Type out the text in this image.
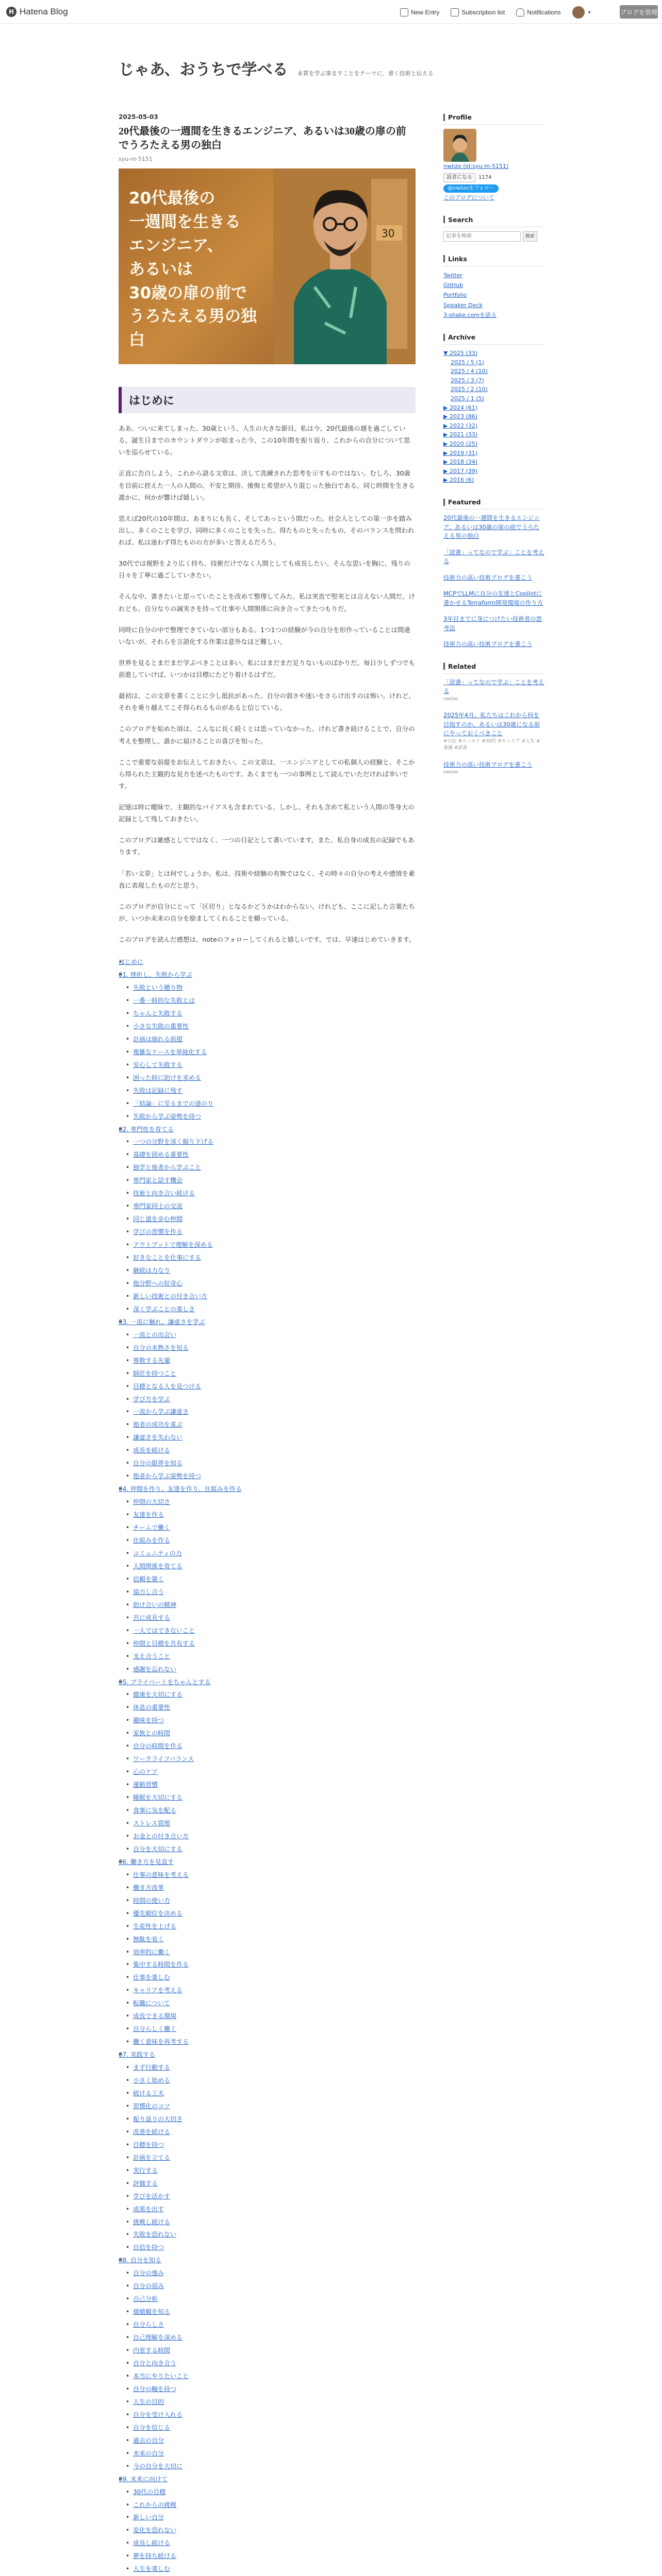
H Hatena Blog	New Entry	Subscription list	Notifications	▼	ブログを管理
じゃあ、おうちで学べる 本質を学ぶ事ますことをテーマに、書く技術と伝える
2025-05-03
20代最後の一週間を生きるエンジニア、あるいは30歳の扉の前でうろたえる男の独白
syu-m-5151
20代最後の
一週間を生きる
エンジニア、
あるいは
30歳の扉の前で
うろたえる男の独白
30
はじめに

ああ、ついに来てしまった。30歳という、人生の大きな節目。私は今、20代最後の週を過ごしている。誕生日までのカウントダウンが始まった今、この10年間を振り返り、これからの自分について思いを巡らせている。

正直に告白しよう。これから語る文章は、決して洗練された思考を示すものではない。むしろ、30歳を目前に控えた一人の人間の、不安と期待、後悔と希望が入り混じった独白である。同じ時間を生きる誰かに、何かが響けば嬉しい。

思えば20代の10年間は、あまりにも長く、そしてあっという間だった。社会人としての第一歩を踏み出し、多くのことを学び、同時に多くのことを失った。得たものと失ったもの、そのバランスを問われれば、私は迷わず得たものの方が多いと答えるだろう。

30代では視野をより広く持ち、技術だけでなく人間としても成長したい。そんな思いを胸に、残りの日々を丁寧に過ごしていきたい。

そんな中、書きたいと思っていたことを改めて整理してみた。私は実直で堅実とは言えない人間だ。けれども、自分なりの誠実さを持って仕事や人間関係に向き合ってきたつもりだ。

同時に自分の中で整理できていない部分もある。1つ1つの経験が今の自分を形作っていることは間違いないが、それらを言語化する作業は意外なほど難しい。

世界を見るとまだまだ学ぶべきことは多い。私にはまだまだ足りないものばかりだ。毎日少しずつでも前進していけば、いつかは目標にたどり着けるはずだ。

最初は、この文章を書くことに少し抵抗があった。自分の弱さや迷いをさらけ出すのは怖い。けれど、それを乗り越えてこそ得られるものがあると信じている。

このブログを始めた頃は、こんなに長く続くとは思っていなかった。けれど書き続けることで、自分の考えを整理し、誰かに届けることの喜びを知った。

ここで重要な前提をお伝えしておきたい。この文章は、一エンジニアとしての私個人の経験と、そこから得られた主観的な見方を述べたものです。あくまでも一つの事例として読んでいただければ幸いです。

記憶は時に曖昧で、主観的なバイアスも含まれている。しかし、それも含めて私という人間の等身大の記録として残しておきたい。

このブログは雑感としてではなく、一つの日記として書いています。また、私自身の成長の記録でもあります。

「若い文章」とは何でしょうか。私は、技術や経験の有無ではなく、その時々の自分の考えや感情を素直に表現したものだと思う。

このブログが自分にとって「区切り」となるかどうかはわからない。けれども、ここに記した言葉たちが、いつか未来の自分を励ましてくれることを願っている。

このブログを読んだ感想は、noteのフォローしてくれると嬉しいです。では、早速はじめていきます。

• はじめに
• 01. 挫折し、失敗から学ぶ
• 失敗という贈り物
• 一番一時的な失敗とは
• ちゃんと失敗する
• 小さな失敗の重要性
• 計画は崩れる前提
• 複雑なケースを単純化する
• 安心して失敗する
• 困った時に助けを求める
• 失敗は記録に残す
• 「結論」に至るまでの道のり
• 失敗から学ぶ姿勢を持つ
• 02. 専門性を育てる
• 一つの分野を深く掘り下げる
• 基礎を固める重要性
• 独学と他者から学ぶこと
• 専門家と話す機会
• 技術と向き合い続ける
• 専門家同士の交流
• 同じ道を歩む仲間
• 学びの習慣を作る
• アウトプットで理解を深める
• 好きなことを仕事にする
• 継続は力なり
• 他分野への好奇心
• 新しい技術との付き合い方
• 深く学ぶことの楽しさ
• 03. 一流に触れ、謙虚さを学ぶ
• 一流との出会い
• 自分の未熟さを知る
• 尊敬する先輩
• 師匠を持つこと
• 目標となる人を見つける
• 学び方を学ぶ
• 一流から学ぶ謙虚さ
• 他者の成功を喜ぶ
• 謙虚さを失わない
• 成長を続ける
• 自分の限界を知る
• 他者から学ぶ姿勢を持つ
• 04. 仲間を作り、友達を作り、仕組みを作る
• 仲間の大切さ
• 友達を作る
• チームで働く
• 仕組みを作る
• コミュニティの力
• 人間関係を育てる
• 信頼を築く
• 協力し合う
• 助け合いの精神
• 共に成長する
• 一人ではできないこと
• 仲間と目標を共有する
• 支え合うこと
• 感謝を忘れない
• 05. プライベートをちゃんとする
• 健康を大切にする
• 休息の重要性
• 趣味を持つ
• 家族との時間
• 自分の時間を作る
• ワークライフバランス
• 心のケア
• 運動習慣
• 睡眠を大切にする
• 食事に気を配る
• ストレス管理
• お金との付き合い方
• 自分を大切にする
• 06. 働き方を見直す
• 仕事の意味を考える
• 働き方改革
• 時間の使い方
• 優先順位を決める
• 生産性を上げる
• 無駄を省く
• 効率的に働く
• 集中する時間を作る
• 仕事を楽しむ
• キャリアを考える
• 転職について
• 成長できる環境
• 自分らしく働く
• 働く意味を再考する
• 07. 実践する
• まず行動する
• 小さく始める
• 続ける工夫
• 習慣化のコツ
• 振り返りの大切さ
• 改善を続ける
• 目標を持つ
• 計画を立てる
• 実行する
• 評価する
• 学びを活かす
• 成果を出す
• 挑戦し続ける
• 失敗を恐れない
• 自信を持つ
• 08. 自分を知る
• 自分の強み
• 自分の弱み
• 自己分析
• 価値観を知る
• 自分らしさ
• 自己理解を深める
• 内省する時間
• 自分と向き合う
• 本当にやりたいこと
• 自分の軸を持つ
• 人生の目的
• 自分を受け入れる
• 自分を信じる
• 過去の自分
• 未来の自分
• 今の自分を大切に
• 09. 未来に向けて
• 30代の目標
• これからの挑戦
• 新しい自分
• 変化を恐れない
• 成長し続ける
• 夢を持ち続ける
• 人生を楽しむ
•
Profile
nwiizo (id:syu-m-5151)
読者になる	1174
@nwiizoをフォロー
このブログについて
Search
記事を検索
検索
Links
Twitter
GitHub
Portfolio
Speaker Deck
3-shake.comを語る
Archive
▼ 2025 (33)
2025 / 5 (1)
2025 / 4 (10)
2025 / 3 (7)
2025 / 2 (10)
2025 / 1 (5)
▶ 2024 (61)
▶ 2023 (86)
▶ 2022 (32)
▶ 2021 (33)
▶ 2020 (25)
▶ 2019 (31)
▶ 2018 (34)
▶ 2017 (39)
▶ 2016 (6)
Featured
20代最後の一週間を生きるエンジニア、あるいは30歳の扉の前でうろたえる男の独白
「読書」ってなので学ぶ」ことを考える
技術力の高い技術ブログを書こう
MCPでLLMに自分の友達とCopilotに書かせるTerraform開発環境の作り方
3年目までに身につけたい技術者の思考法
技術力の高い技術ブログを書こう
Related
「読書」ってなので学ぶ」ことを考える
nwiizo
2025年4月、私たちはこれから何を目指すのか、あるいは30歳になる前にやっておくべきこと
#日記 #エッセイ #30代 #キャリア #人生 #書籍 #読書
技術力の高い技術ブログを書こう
nwiizo
